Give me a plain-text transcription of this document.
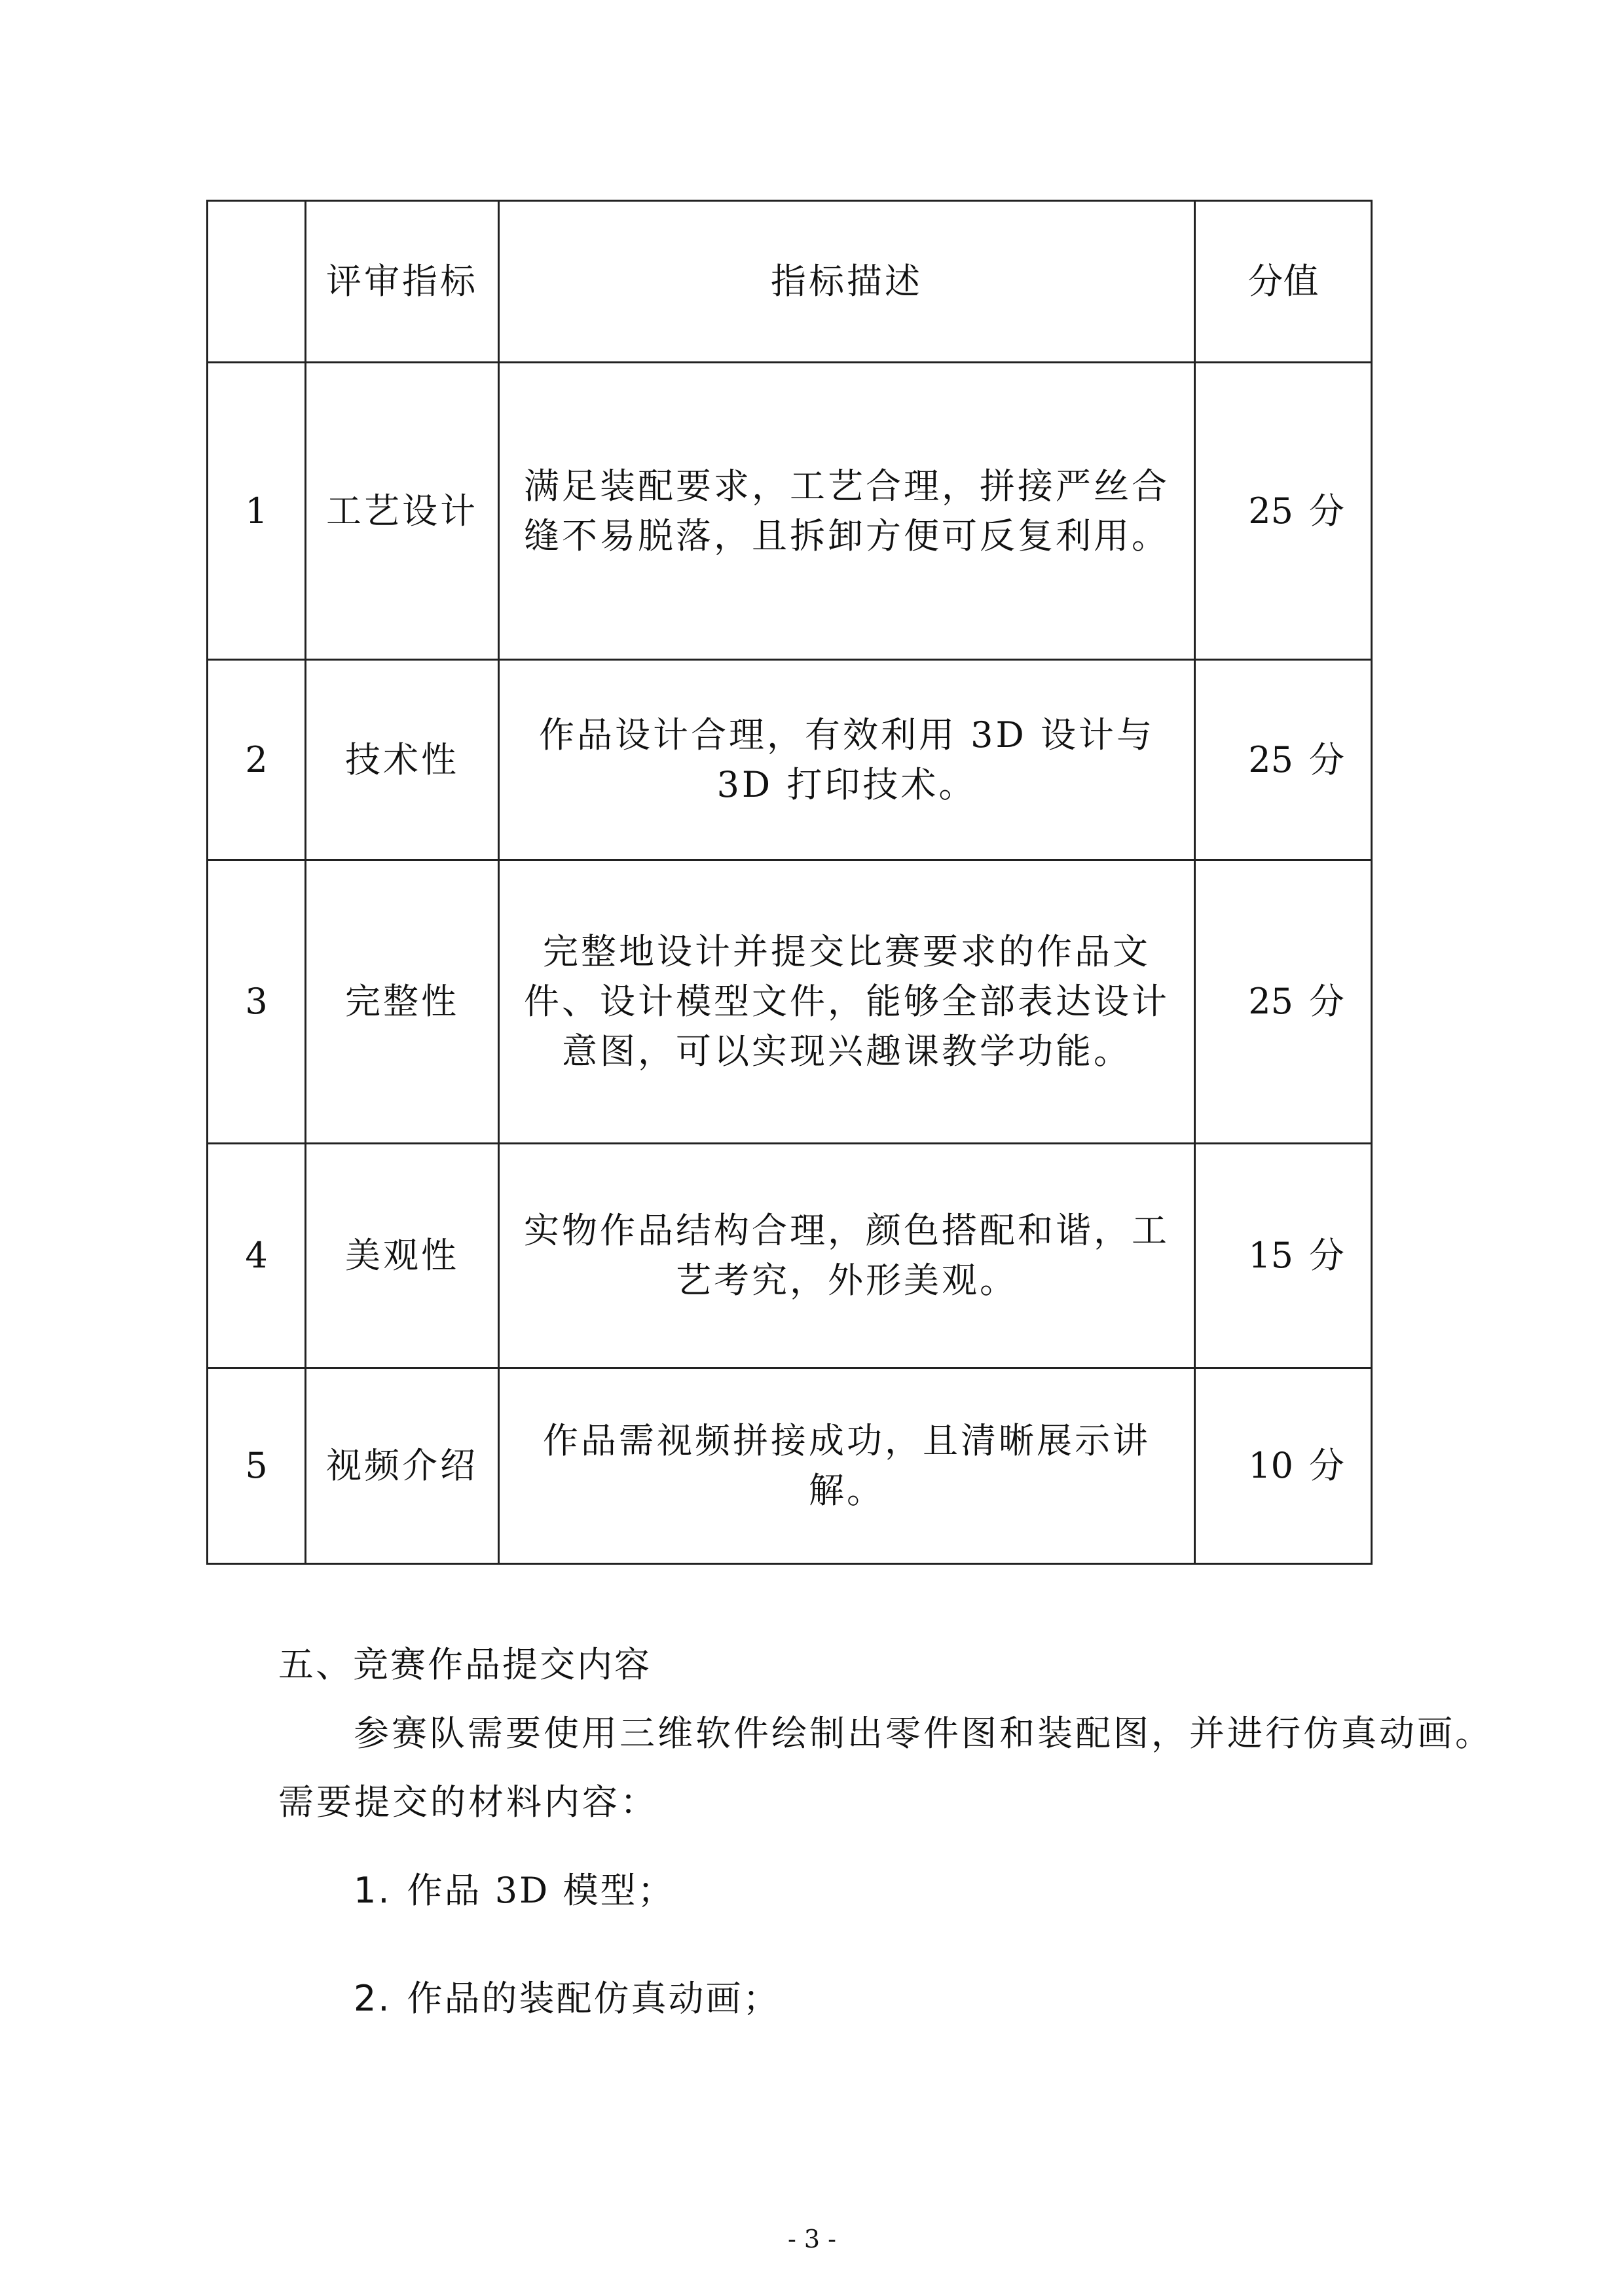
	评审指标	指标描述	分值
1	工艺设计	满足装配要求，工艺合理，拼接严丝合
缝不易脱落，且拆卸方便可反复利用。	25 分
2	技术性	作品设计合理，有效利用 3D 设计与
3D 打印技术。	25 分
3	完整性	完整地设计并提交比赛要求的作品文
件、设计模型文件，能够全部表达设计
意图，可以实现兴趣课教学功能。	25 分
4	美观性	实物作品结构合理，颜色搭配和谐，工
艺考究，外形美观。	15 分
5	视频介绍	作品需视频拼接成功，且清晰展示讲
解。	10 分
五、竞赛作品提交内容
参赛队需要使用三维软件绘制出零件图和装配图，并进行仿真动画。
需要提交的材料内容：
1. 作品 3D 模型；
2. 作品的装配仿真动画；
- 3 -
